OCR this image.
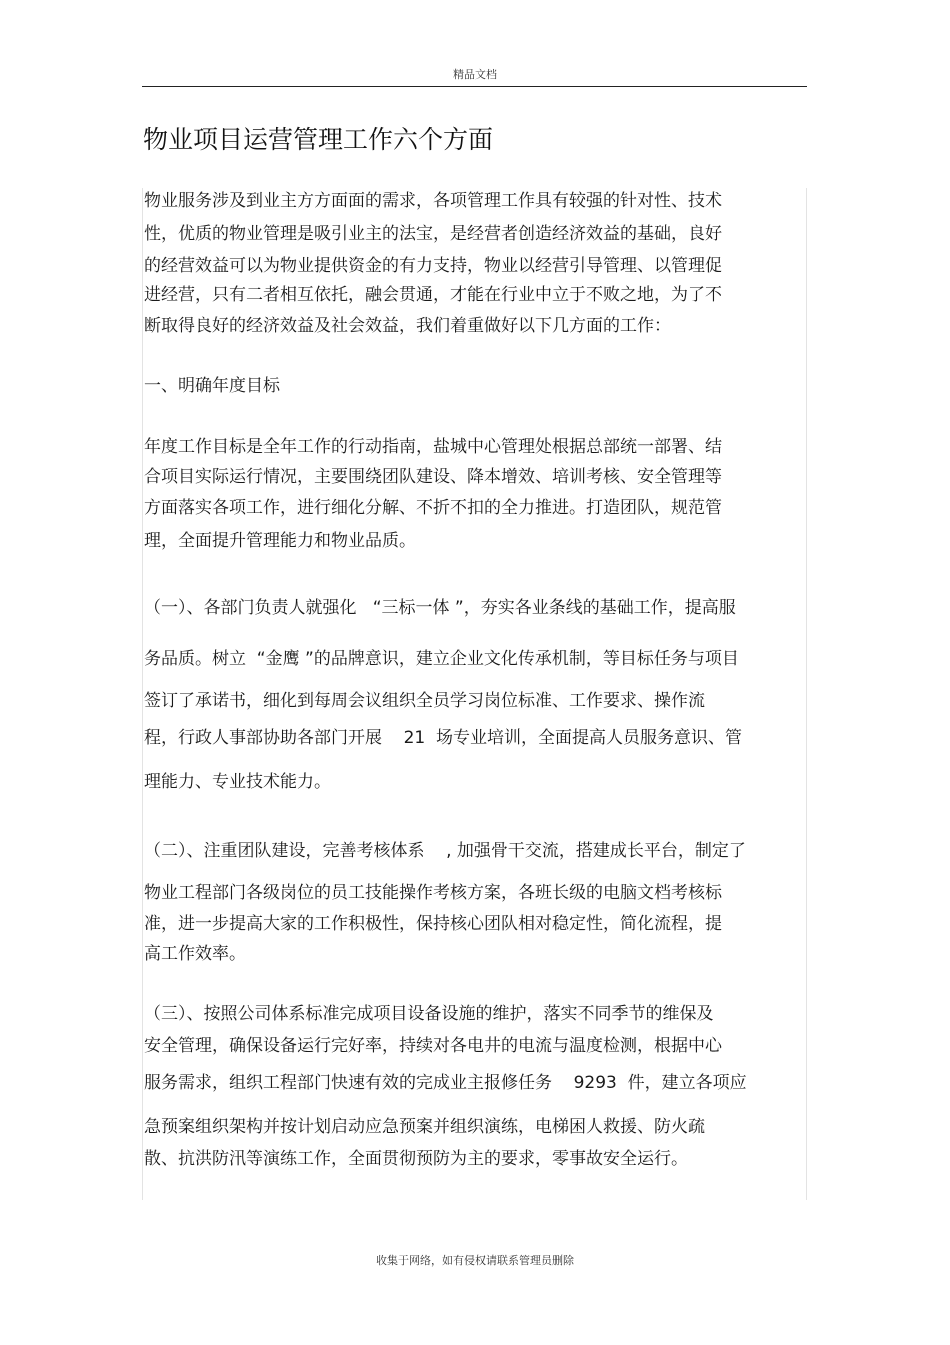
精品文档
物业项目运营管理工作六个方面
物业服务涉及到业主方方面面的需求，各项管理工作具有较强的针对性、技术
性，优质的物业管理是吸引业主的法宝，是经营者创造经济效益的基础，良好
的经营效益可以为物业提供资金的有力支持，物业以经营引导管理、以管理促
进经营，只有二者相互依托，融会贯通，才能在行业中立于不败之地，为了不
断取得良好的经济效益及社会效益，我们着重做好以下几方面的工作：
一、明确年度目标
年度工作目标是全年工作的行动指南，盐城中心管理处根据总部统一部署、结
合项目实际运行情况，主要围绕团队建设、降本增效、培训考核、安全管理等
方面落实各项工作，进行细化分解、不折不扣的全力推进。打造团队，规范管
理，全面提升管理能力和物业品质。
（一）、各部门负责人就强化   “三标一体 ”，夯实各业条线的基础工作，提高服
务品质。树立  “金鹰 ”的品牌意识，建立企业文化传承机制，等目标任务与项目
签订了承诺书，细化到每周会议组织全员学习岗位标准、工作要求、操作流
程，行政人事部协助各部门开展    21  场专业培训，全面提高人员服务意识、管
理能力、专业技术能力。
（二）、注重团队建设，完善考核体系    , 加强骨干交流，搭建成长平台，制定了
物业工程部门各级岗位的员工技能操作考核方案，各班长级的电脑文档考核标
准，进一步提高大家的工作积极性，保持核心团队相对稳定性，简化流程，提
高工作效率。
（三）、按照公司体系标准完成项目设备设施的维护，落实不同季节的维保及
安全管理，确保设备运行完好率，持续对各电井的电流与温度检测，根据中心
服务需求，组织工程部门快速有效的完成业主报修任务    9293  件，建立各项应
急预案组织架构并按计划启动应急预案并组织演练，电梯困人救援、防火疏
散、抗洪防汛等演练工作，全面贯彻预防为主的要求，零事故安全运行。
收集于网络，如有侵权请联系管理员删除
